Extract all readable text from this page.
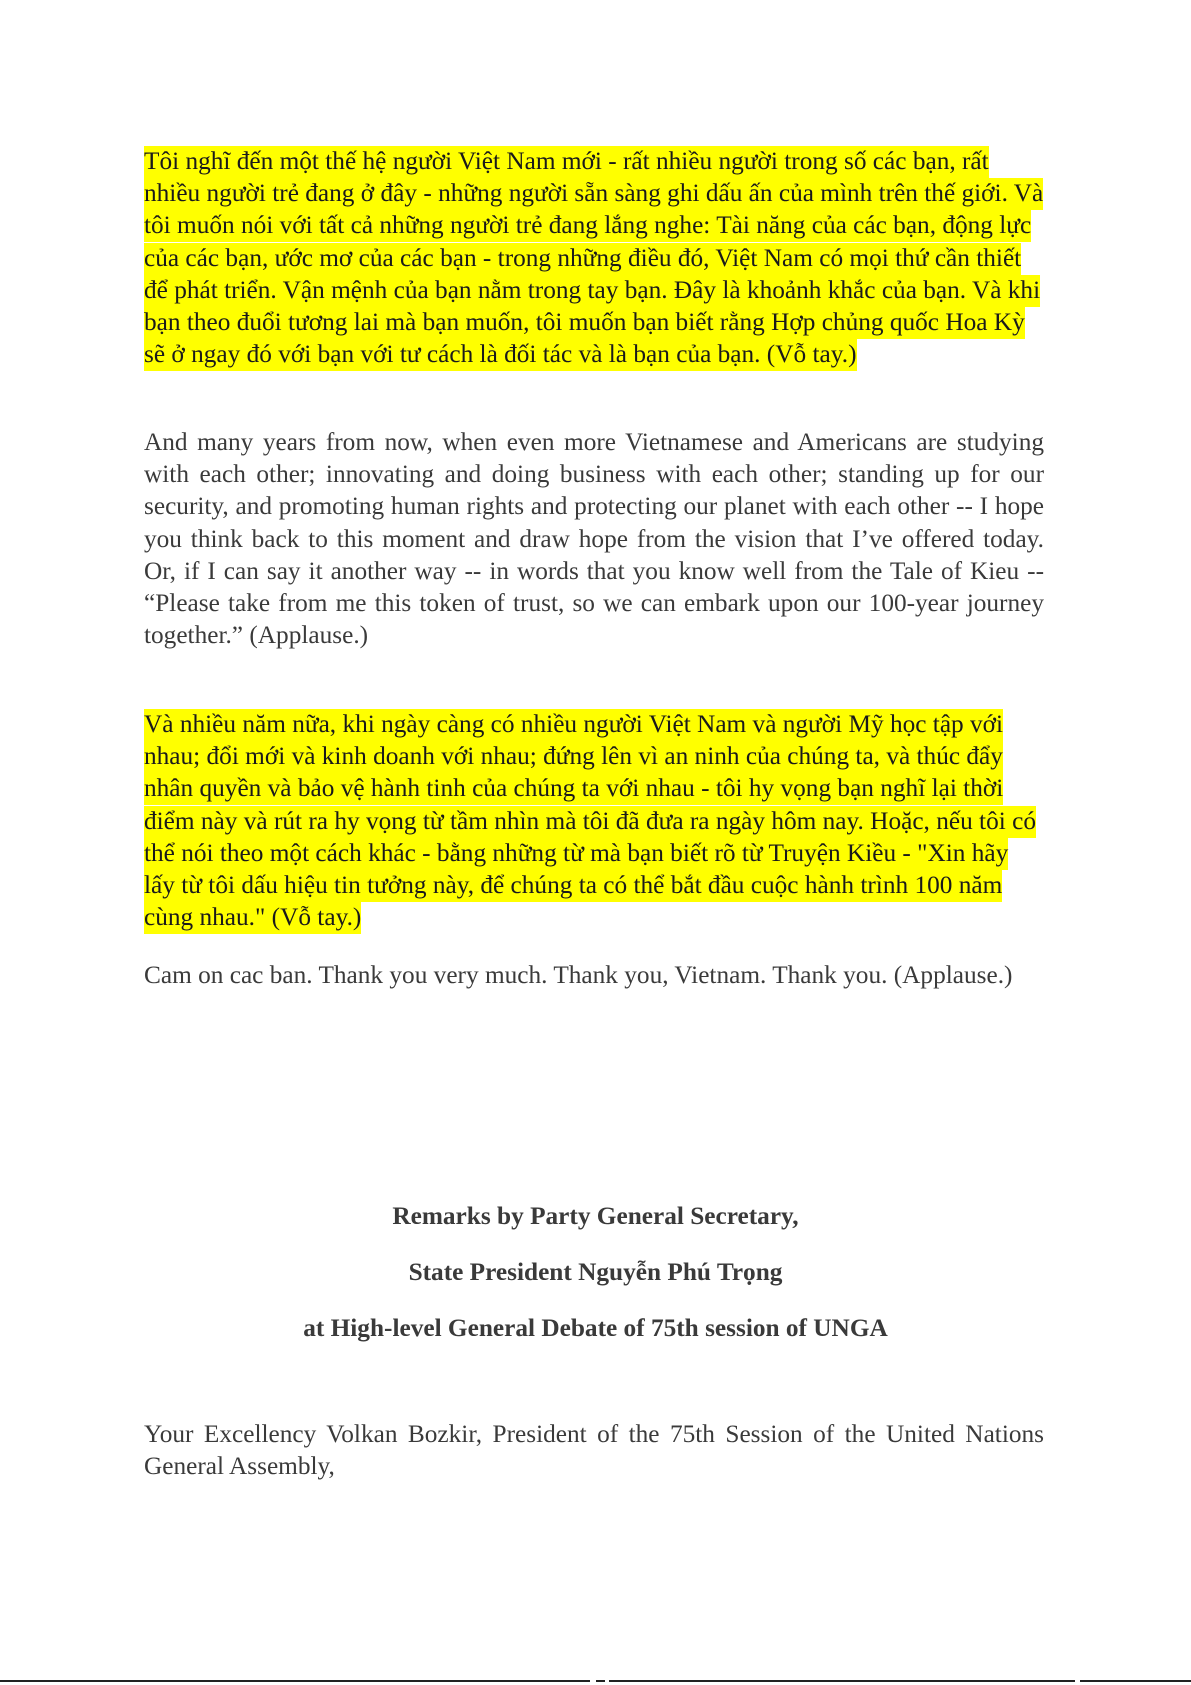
Tôi nghĩ đến một thế hệ người Việt Nam mới - rất nhiều người trong số các bạn, rất nhiều người trẻ đang ở đây - những người sẵn sàng ghi dấu ấn của mình trên thế giới. Và tôi muốn nói với tất cả những người trẻ đang lắng nghe: Tài năng của các bạn, động lực của các bạn, ước mơ của các bạn - trong những điều đó, Việt Nam có mọi thứ cần thiết để phát triển. Vận mệnh của bạn nằm trong tay bạn. Đây là khoảnh khắc của bạn. Và khi bạn theo đuổi tương lai mà bạn muốn, tôi muốn bạn biết rằng Hợp chủng quốc Hoa Kỳ sẽ ở ngay đó với bạn với tư cách là đối tác và là bạn của bạn. (Vỗ tay.)

And many years from now, when even more Vietnamese and Americans are studying with each other; innovating and doing business with each other; standing up for our security, and promoting human rights and protecting our planet with each other -- I hope you think back to this moment and draw hope from the vision that I’ve offered today. Or, if I can say it another way -- in words that you know well from the Tale of Kieu -- “Please take from me this token of trust, so we can embark upon our 100-year journey together.” (Applause.)

Và nhiều năm nữa, khi ngày càng có nhiều người Việt Nam và người Mỹ học tập với nhau; đổi mới và kinh doanh với nhau; đứng lên vì an ninh của chúng ta, và thúc đẩy nhân quyền và bảo vệ hành tinh của chúng ta với nhau - tôi hy vọng bạn nghĩ lại thời điểm này và rút ra hy vọng từ tầm nhìn mà tôi đã đưa ra ngày hôm nay. Hoặc, nếu tôi có thể nói theo một cách khác - bằng những từ mà bạn biết rõ từ Truyện Kiều - "Xin hãy lấy từ tôi dấu hiệu tin tưởng này, để chúng ta có thể bắt đầu cuộc hành trình 100 năm cùng nhau." (Vỗ tay.)

Cam on cac ban. Thank you very much. Thank you, Vietnam. Thank you. (Applause.)

Remarks by Party General Secretary,
State President Nguyễn Phú Trọng
at High-level General Debate of 75th session of UNGA

Your Excellency Volkan Bozkir, President of the 75th Session of the United Nations General Assembly,
